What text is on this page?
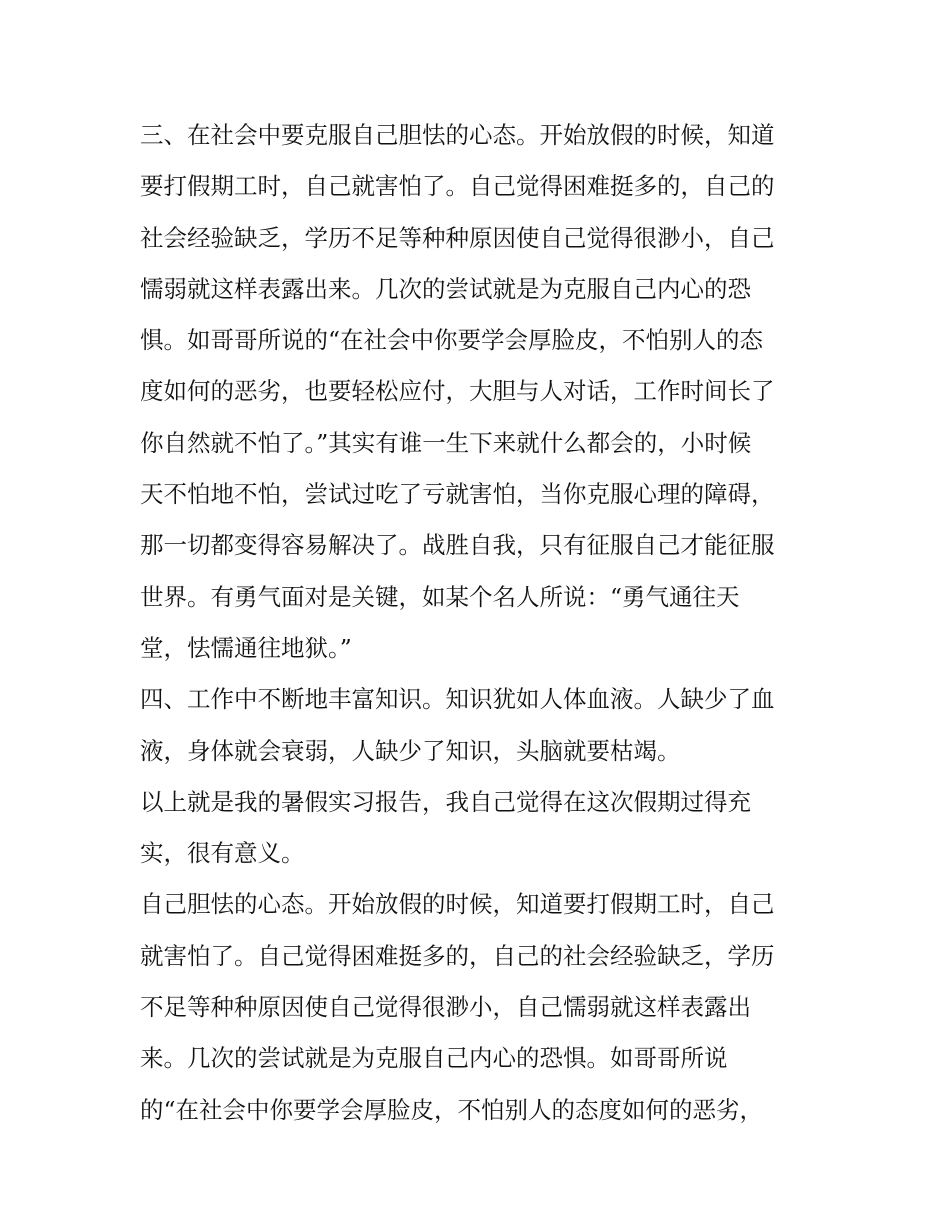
三、在社会中要克服自己胆怯的心态。开始放假的时候，知道
要打假期工时，自己就害怕了。自己觉得困难挺多的，自己的
社会经验缺乏，学历不足等种种原因使自己觉得很渺小，自己
懦弱就这样表露出来。几次的尝试就是为克服自己内心的恐
惧。如哥哥所说的“在社会中你要学会厚脸皮，不怕别人的态
度如何的恶劣，也要轻松应付，大胆与人对话，工作时间长了
你自然就不怕了。”其实有谁一生下来就什么都会的，小时候
天不怕地不怕，尝试过吃了亏就害怕，当你克服心理的障碍，
那一切都变得容易解决了。战胜自我，只有征服自己才能征服
世界。有勇气面对是关键，如某个名人所说：“勇气通往天
堂，怯懦通往地狱。”
四、工作中不断地丰富知识。知识犹如人体血液。人缺少了血
液，身体就会衰弱，人缺少了知识，头脑就要枯竭。
以上就是我的暑假实习报告，我自己觉得在这次假期过得充
实，很有意义。
自己胆怯的心态。开始放假的时候，知道要打假期工时，自己
就害怕了。自己觉得困难挺多的，自己的社会经验缺乏，学历
不足等种种原因使自己觉得很渺小，自己懦弱就这样表露出
来。几次的尝试就是为克服自己内心的恐惧。如哥哥所说
的“在社会中你要学会厚脸皮，不怕别人的态度如何的恶劣，
